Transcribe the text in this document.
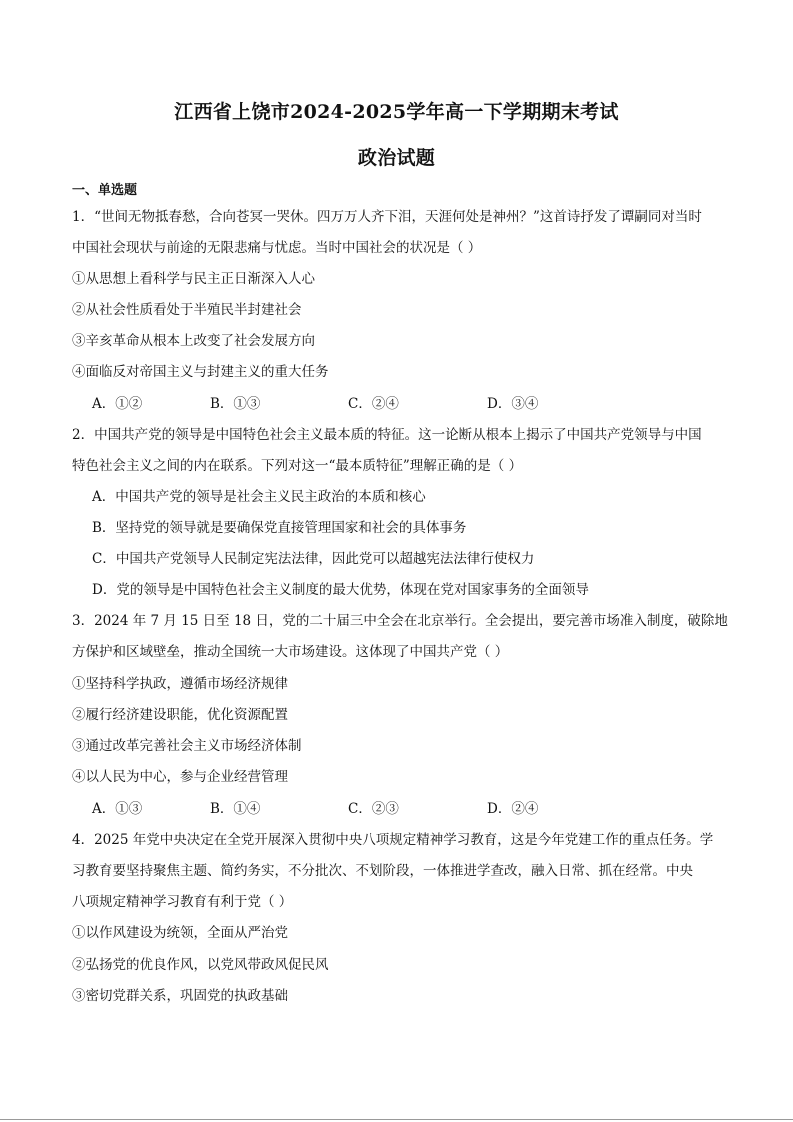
江西省上饶市2024-2025学年高一下学期期末考试
政治试题
一、单选题
1．“世间无物抵春愁，合向苍冥一哭休。四万万人齐下泪，天涯何处是神州？”这首诗抒发了谭嗣同对当时
中国社会现状与前途的无限悲痛与忧虑。当时中国社会的状况是（ ）
①从思想上看科学与民主正日渐深入人心
②从社会性质看处于半殖民半封建社会
③辛亥革命从根本上改变了社会发展方向
④面临反对帝国主义与封建主义的重大任务
A．①②	B．①③	C．②④	D．③④
2．中国共产党的领导是中国特色社会主义最本质的特征。这一论断从根本上揭示了中国共产党领导与中国
特色社会主义之间的内在联系。下列对这一“最本质特征”理解正确的是（ ）
A．中国共产党的领导是社会主义民主政治的本质和核心
B．坚持党的领导就是要确保党直接管理国家和社会的具体事务
C．中国共产党领导人民制定宪法法律，因此党可以超越宪法法律行使权力
D．党的领导是中国特色社会主义制度的最大优势，体现在党对国家事务的全面领导
3．2024 年 7 月 15 日至 18 日，党的二十届三中全会在北京举行。全会提出，要完善市场准入制度，破除地
方保护和区域壁垒，推动全国统一大市场建设。这体现了中国共产党（ ）
①坚持科学执政，遵循市场经济规律
②履行经济建设职能，优化资源配置
③通过改革完善社会主义市场经济体制
④以人民为中心，参与企业经营管理
A．①③	B．①④	C．②③	D．②④
4．2025 年党中央决定在全党开展深入贯彻中央八项规定精神学习教育，这是今年党建工作的重点任务。学
习教育要坚持聚焦主题、简约务实，不分批次、不划阶段，一体推进学查改，融入日常、抓在经常。中央
八项规定精神学习教育有利于党（ ）
①以作风建设为统领，全面从严治党
②弘扬党的优良作风，以党风带政风促民风
③密切党群关系，巩固党的执政基础
